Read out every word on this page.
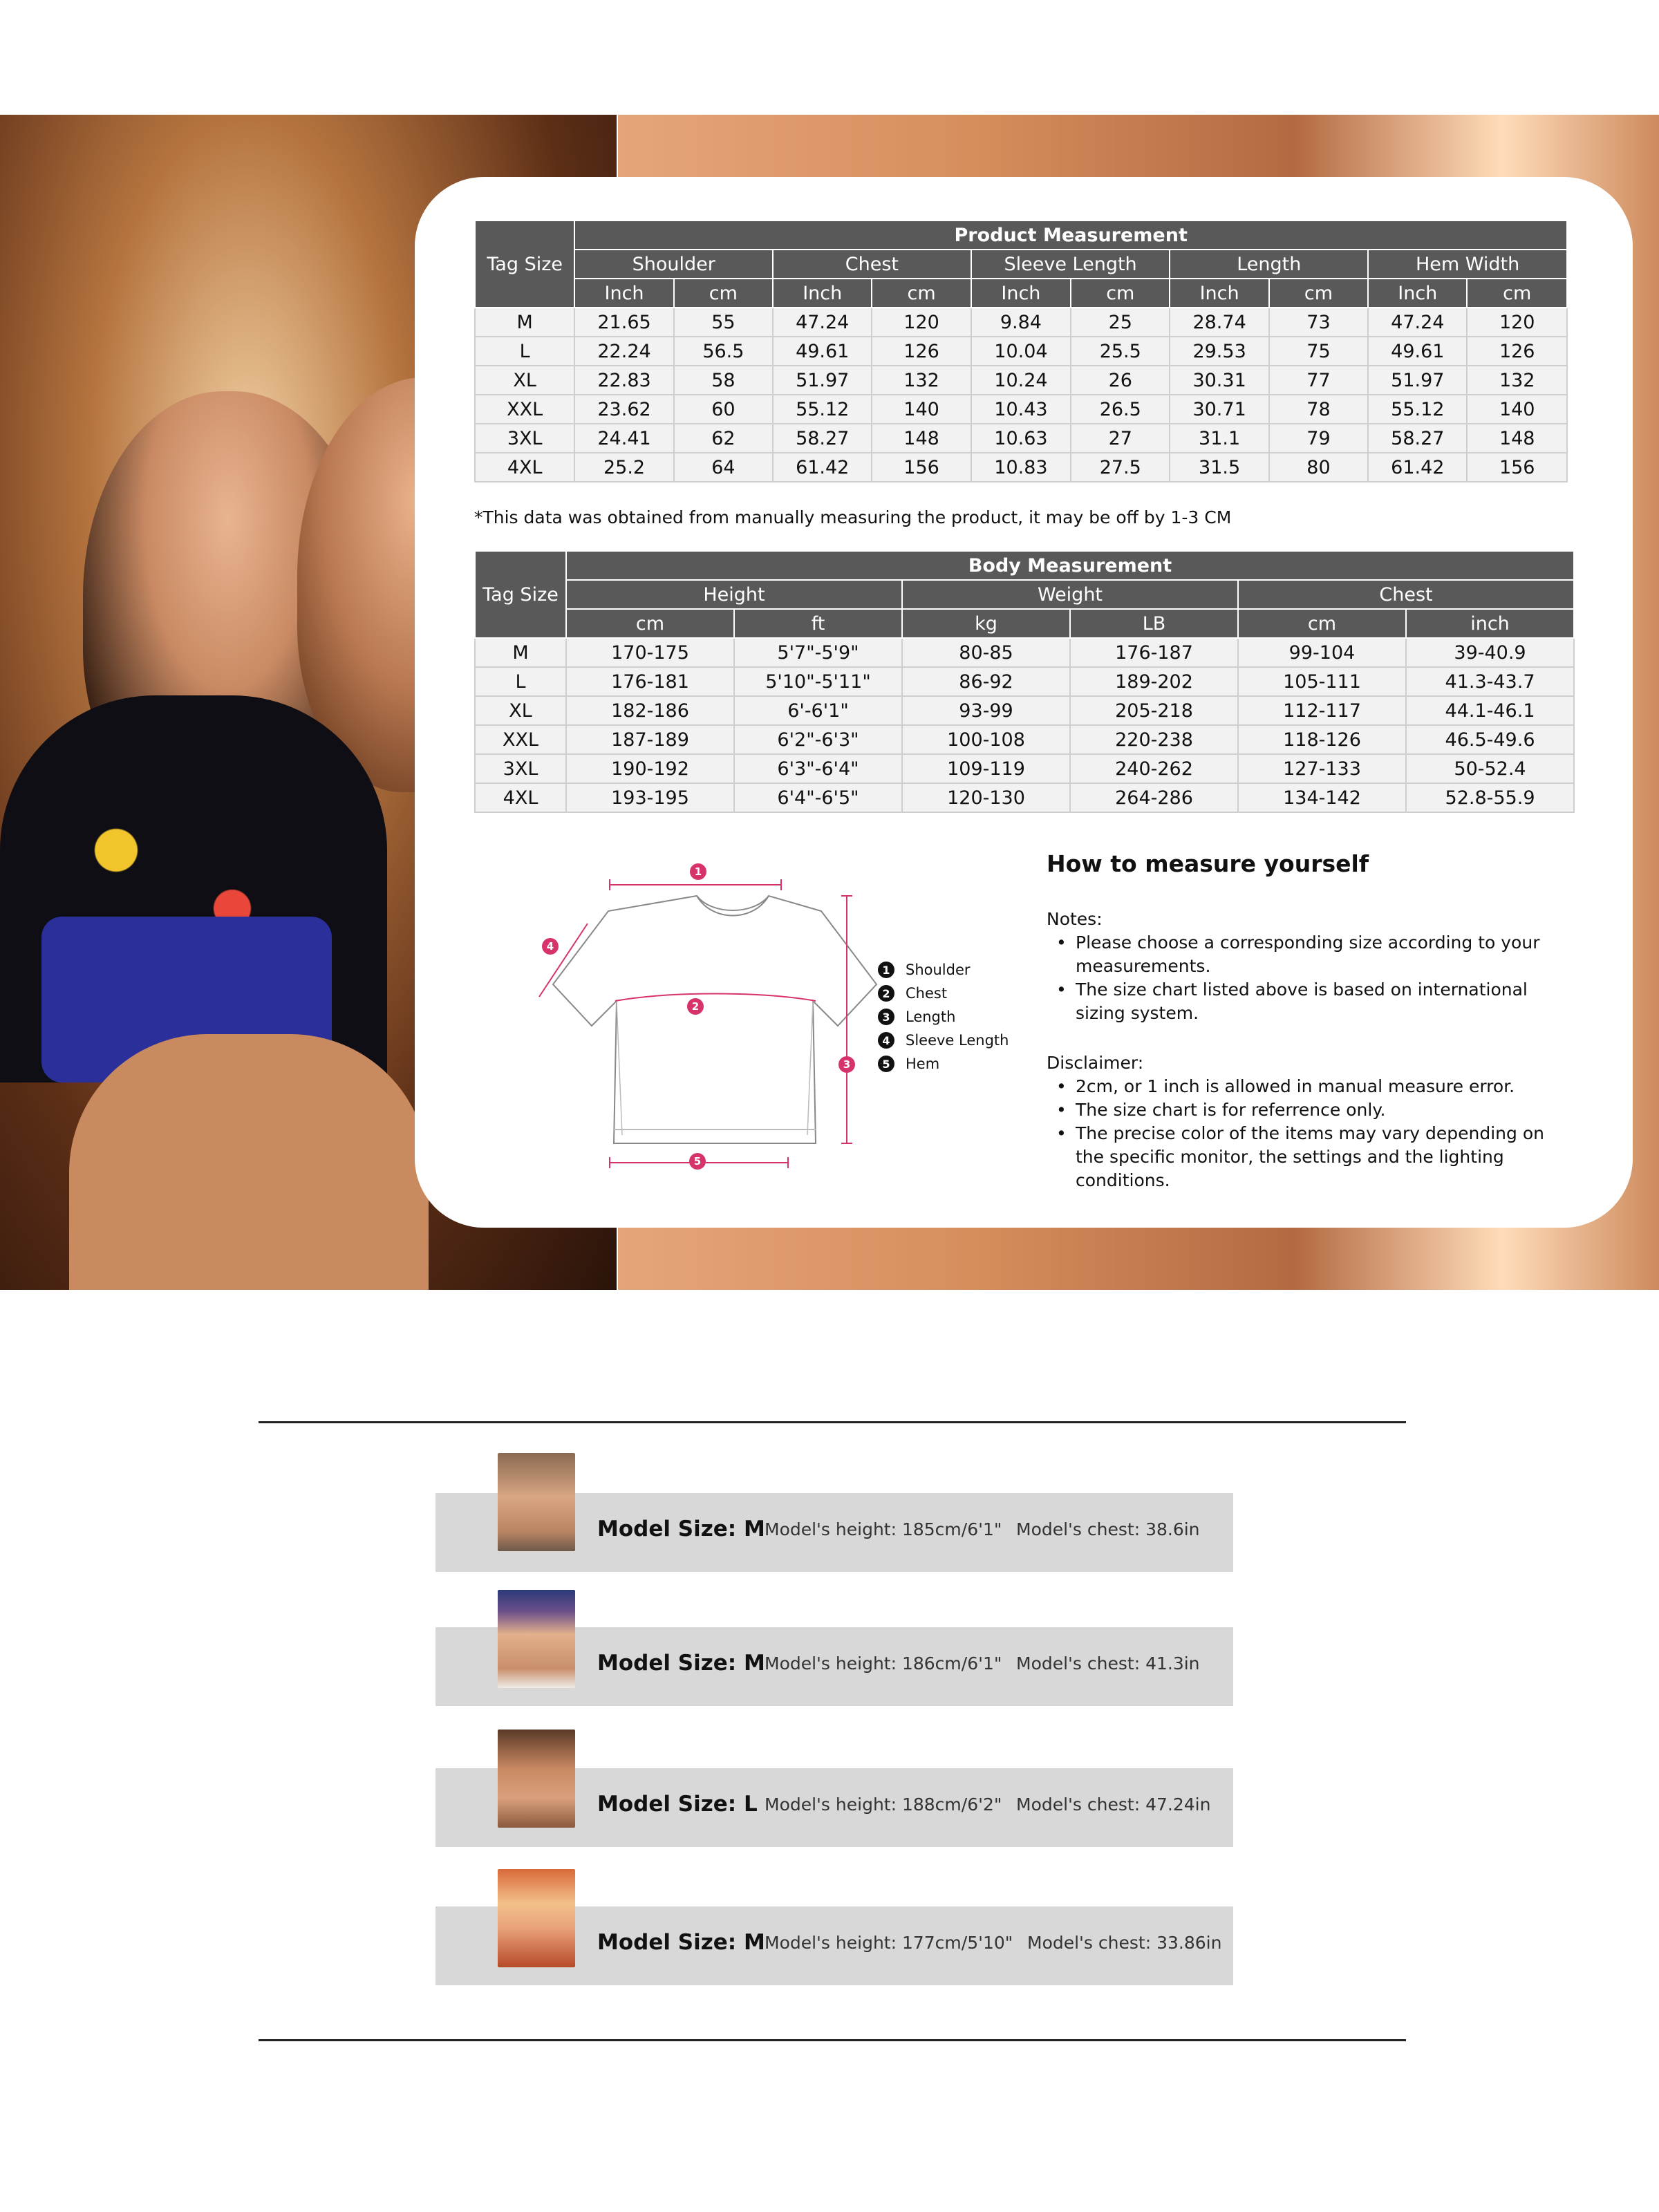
Tag Size	Product Measurement									
	Shoulder		Chest		Sleeve Length		Length		Hem Width	
	Inch	cm	Inch	cm	Inch	cm	Inch	cm	Inch	cm
M	21.65	55	47.24	120	9.84	25	28.74	73	47.24	120
L	22.24	56.5	49.61	126	10.04	25.5	29.53	75	49.61	126
XL	22.83	58	51.97	132	10.24	26	30.31	77	51.97	132
XXL	23.62	60	55.12	140	10.43	26.5	30.71	78	55.12	140
3XL	24.41	62	58.27	148	10.63	27	31.1	79	58.27	148
4XL	25.2	64	61.42	156	10.83	27.5	31.5	80	61.42	156
*This data was obtained from manually measuring the product, it may be off by 1-3 CM
Tag Size	Body Measurement					
	Height		Weight		Chest	
	cm	ft	kg	LB	cm	inch
M	170-175	5'7"-5'9"	80-85	176-187	99-104	39-40.9
L	176-181	5'10"-5'11"	86-92	189-202	105-111	41.3-43.7
XL	182-186	6'-6'1"	93-99	205-218	112-117	44.1-46.1
XXL	187-189	6'2"-6'3"	100-108	220-238	118-126	46.5-49.6
3XL	190-192	6'3"-6'4"	109-119	240-262	127-133	50-52.4
4XL	193-195	6'4"-6'5"	120-130	264-286	134-142	52.8-55.9
1
2
3
4
5
1	Shoulder
2	Chest
3	Length
4	Sleeve Length
5	Hem
How to measure yourself
Notes:
• Please choose a corresponding size according to your measurements.
• The size chart listed above is based on international sizing system.
Disclaimer:
• 2cm, or 1 inch is allowed in manual measure error.
• The size chart is for referrence only.
• The precise color of the items may vary depending on the specific monitor, the settings and the lighting conditions.
Model Size: M Model's height: 185cm/6'1" Model's chest: 38.6in
Model Size: M Model's height: 186cm/6'1" Model's chest: 41.3in
Model Size: L Model's height: 188cm/6'2" Model's chest: 47.24in
Model Size: M Model's height: 177cm/5'10" Model's chest: 33.86in
